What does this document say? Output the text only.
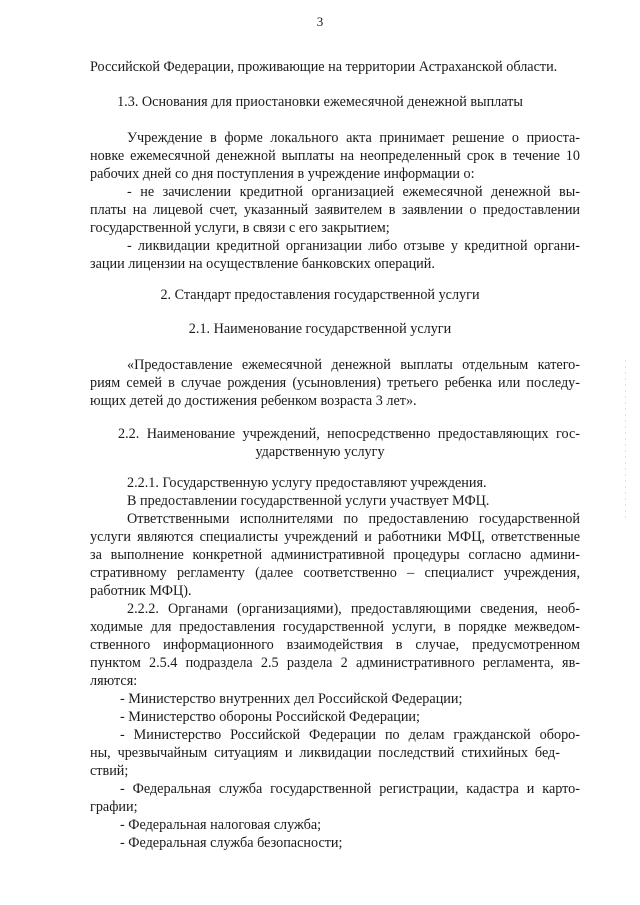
3
Российской Федерации, проживающие на территории Астраханской области.
1.3. Основания для приостановки ежемесячной денежной выплаты
Учреждение в форме локального акта принимает решение о приоста-
новке ежемесячной денежной выплаты на неопределенный срок в течение 10
рабочих дней со дня поступления в учреждение информации о:
- не зачислении кредитной организацией ежемесячной денежной вы-
платы на лицевой счет, указанный заявителем в заявлении о предоставлении
государственной услуги, в связи с его закрытием;
- ликвидации кредитной организации либо отзыве у кредитной органи-
зации лицензии на осуществление банковских операций.
2. Стандарт предоставления государственной услуги
2.1. Наименование государственной услуги
«Предоставление ежемесячной денежной выплаты отдельным катего-
риям семей в случае рождения (усыновления) третьего ребенка или последу-
ющих детей до достижения ребенком возраста 3 лет».
2.2. Наименование учреждений, непосредственно предоставляющих гос-
ударственную услугу
2.2.1. Государственную услугу предоставляют учреждения.
В предоставлении государственной услуги участвует МФЦ.
Ответственными исполнителями по предоставлению государственной
услуги являются специалисты учреждений и работники МФЦ, ответственные
за выполнение конкретной административной процедуры согласно админи-
стративному регламенту (далее соответственно – специалист учреждения,
работник МФЦ).
2.2.2. Органами (организациями), предоставляющими сведения, необ-
ходимые для предоставления государственной услуги, в порядке межведом-
ственного информационного взаимодействия в случае, предусмотренном
пунктом 2.5.4 подраздела 2.5 раздела 2 административного регламента, яв-
ляются:
- Министерство внутренних дел Российской Федерации;
- Министерство обороны Российской Федерации;
- Министерство Российской Федерации по делам гражданской оборо-
ны, чрезвычайным ситуациям и ликвидации последствий стихийных бед-
ствий;
- Федеральная служба государственной регистрации, кадастра и карто-
графии;
- Федеральная налоговая служба;
- Федеральная служба безопасности;
